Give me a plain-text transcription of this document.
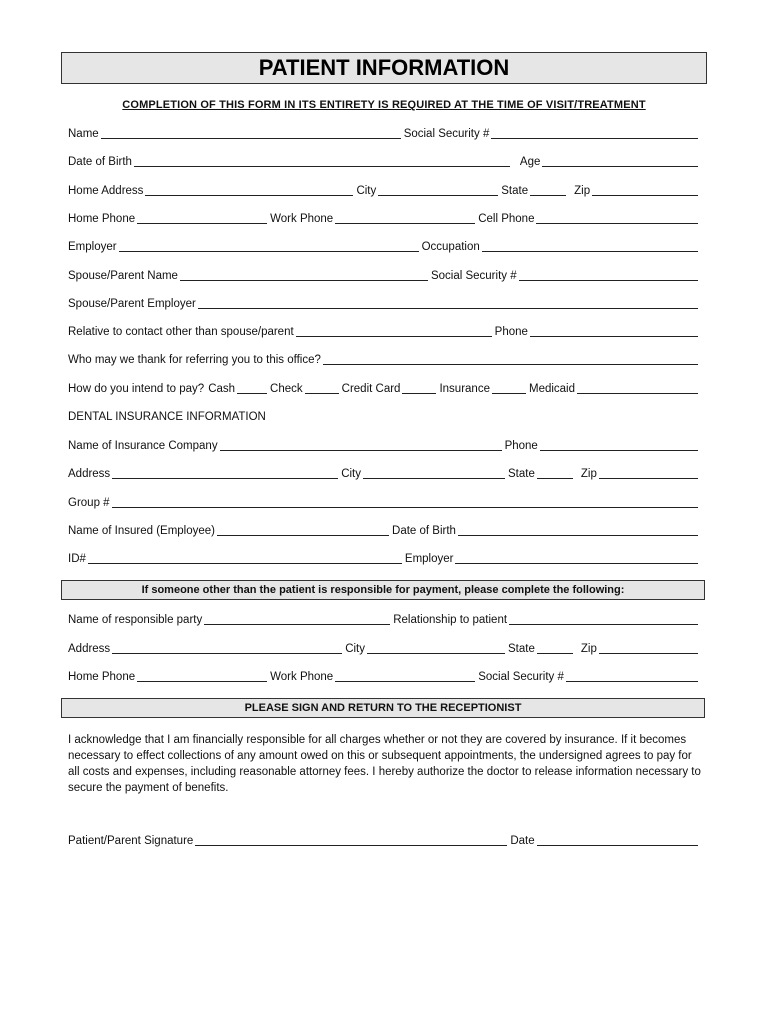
PATIENT INFORMATION
COMPLETION OF THIS FORM IN ITS ENTIRETY IS REQUIRED AT THE TIME OF VISIT/TREATMENT
Name	Social Security #
Date of Birth	Age
Home Address	City	State	Zip
Home Phone	Work Phone	Cell Phone
Employer	Occupation
Spouse/Parent Name	Social Security #
Spouse/Parent Employer
Relative to contact other than spouse/parent	Phone
Who may we thank for referring you to this office?
How do you intend to pay? Cash	Check	Credit Card	Insurance	Medicaid
DENTAL INSURANCE INFORMATION
Name of Insurance Company	Phone
Address	City	State	Zip
Group #
Name of Insured (Employee)	Date of Birth
ID#	Employer
If someone other than the patient is responsible for payment, please complete the following:
Name of responsible party	Relationship to patient
Address	City	State	Zip
Home Phone	Work Phone	Social Security #
PLEASE SIGN AND RETURN TO THE RECEPTIONIST
I acknowledge that I am financially responsible for all charges whether or not they are covered by insurance. If it becomes necessary to effect collections of any amount owed on this or subsequent appointments, the undersigned agrees to pay for all costs and expenses, including reasonable attorney fees. I hereby authorize the doctor to release information necessary to secure the payment of benefits.
Patient/Parent Signature	Date
